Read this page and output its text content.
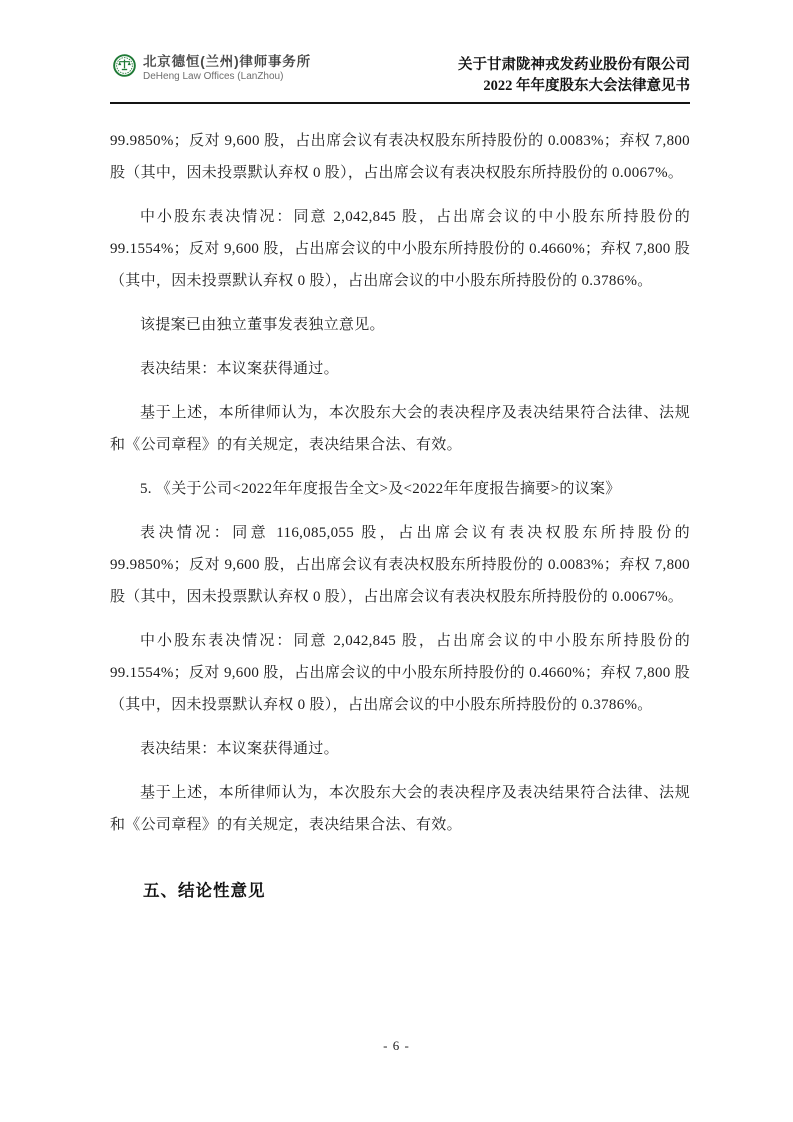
北京德恒(兰州)律师事务所
DeHeng Law Offices (LanZhou)
关于甘肃陇神戎发药业股份有限公司
2022 年年度股东大会法律意见书

99.9850%；反对 9,600 股，占出席会议有表决权股东所持股份的 0.0083%；弃权 7,800 股（其中，因未投票默认弃权 0 股），占出席会议有表决权股东所持股份的 0.0067%。

中小股东表决情况：同意 2,042,845 股，占出席会议的中小股东所持股份的 99.1554%；反对 9,600 股，占出席会议的中小股东所持股份的 0.4660%；弃权 7,800 股（其中，因未投票默认弃权 0 股），占出席会议的中小股东所持股份的 0.3786%。

该提案已由独立董事发表独立意见。

表决结果：本议案获得通过。

基于上述，本所律师认为，本次股东大会的表决程序及表决结果符合法律、法规和《公司章程》的有关规定，表决结果合法、有效。

5. 《关于公司<2022年年度报告全文>及<2022年年度报告摘要>的议案》

表决情况：同意 116,085,055 股，占出席会议有表决权股东所持股份的 99.9850%；反对 9,600 股，占出席会议有表决权股东所持股份的 0.0083%；弃权 7,800 股（其中，因未投票默认弃权 0 股），占出席会议有表决权股东所持股份的 0.0067%。

中小股东表决情况：同意 2,042,845 股，占出席会议的中小股东所持股份的 99.1554%；反对 9,600 股，占出席会议的中小股东所持股份的 0.4660%；弃权 7,800 股（其中，因未投票默认弃权 0 股），占出席会议的中小股东所持股份的 0.3786%。

表决结果：本议案获得通过。

基于上述，本所律师认为，本次股东大会的表决程序及表决结果符合法律、法规和《公司章程》的有关规定，表决结果合法、有效。

五、结论性意见
- 6 -
